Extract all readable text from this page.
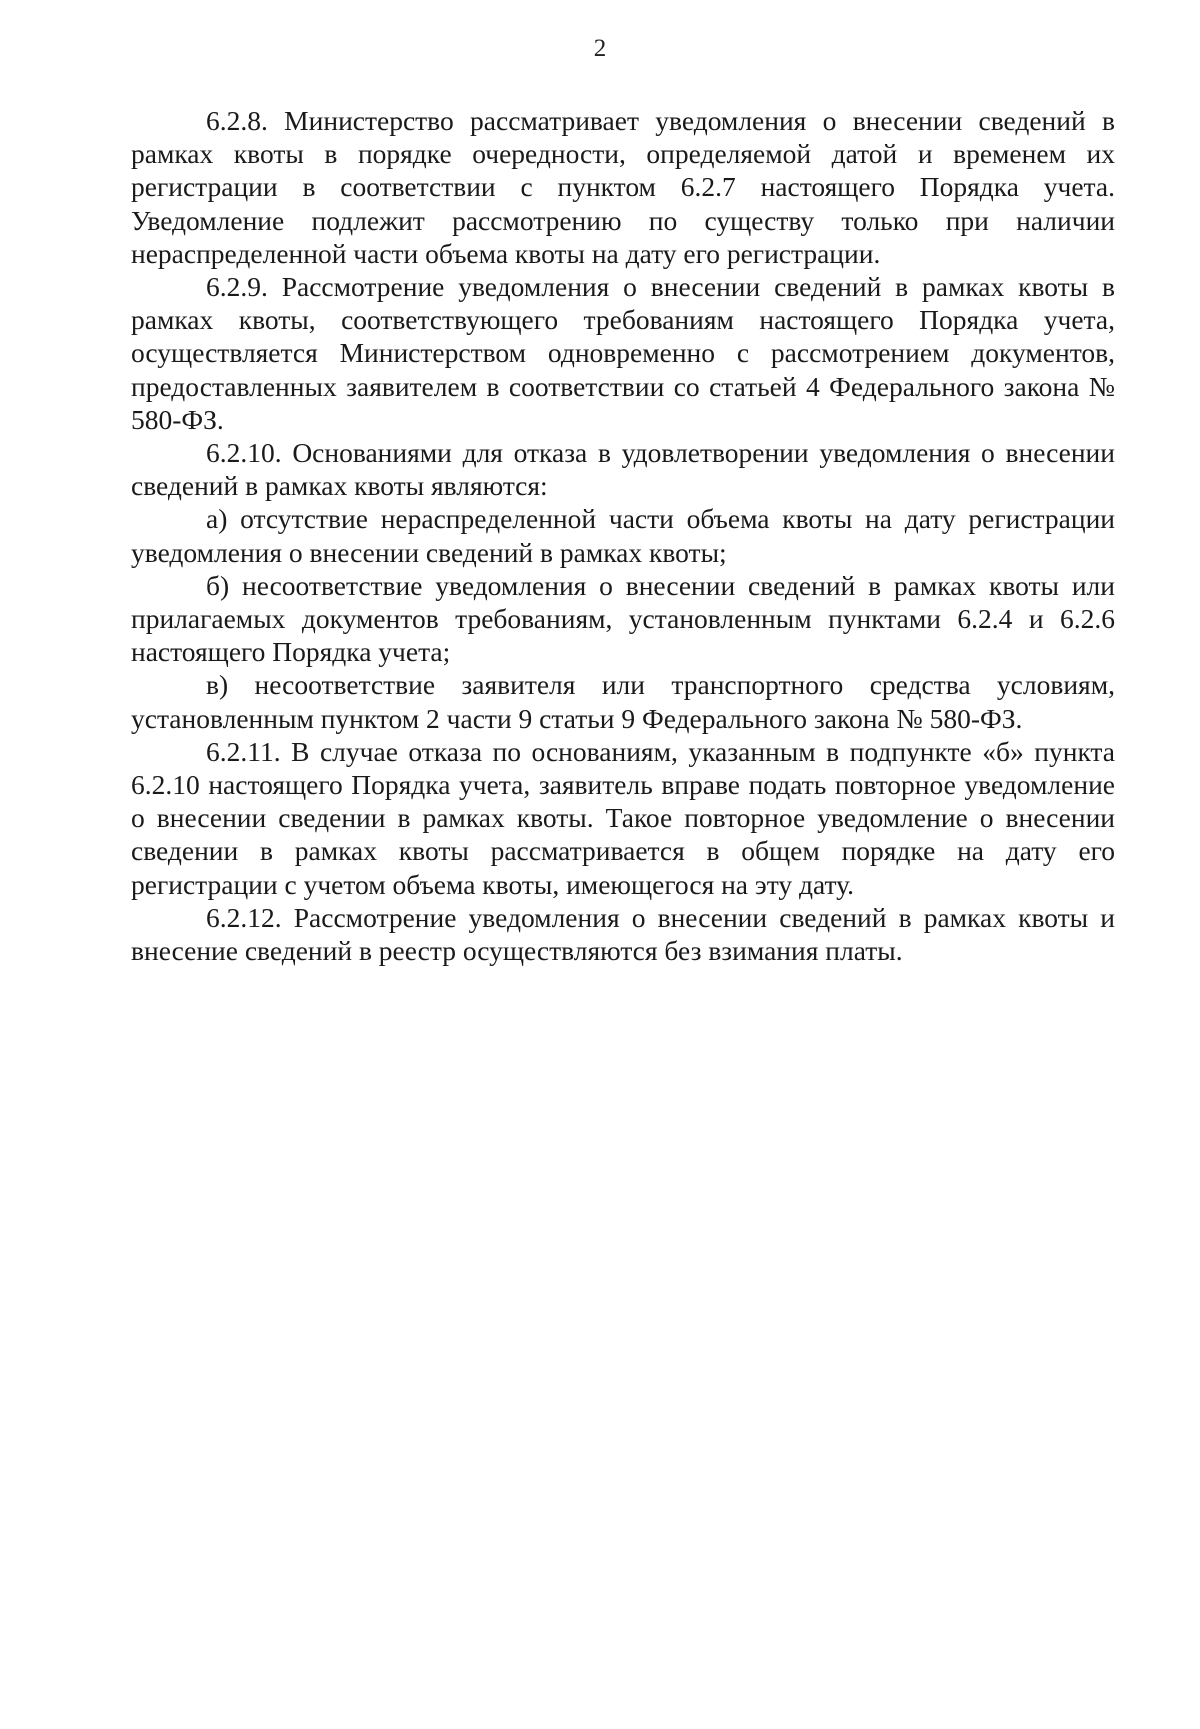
2

6.2.8. Министерство рассматривает уведомления о внесении сведений в рамках квоты в порядке очередности, определяемой датой и временем их регистрации в соответствии с пунктом 6.2.7 настоящего Порядка учета. Уведомление подлежит рассмотрению по существу только при наличии нераспределенной части объема квоты на дату его регистрации.

6.2.9. Рассмотрение уведомления о внесении сведений в рамках квоты в рамках квоты, соответствующего требованиям настоящего Порядка учета, осуществляется Министерством одновременно с рассмотрением документов, предоставленных заявителем в соответствии со статьей 4 Федерального закона № 580-ФЗ.

6.2.10. Основаниями для отказа в удовлетворении уведомления о внесении сведений в рамках квоты являются:

а) отсутствие нераспределенной части объема квоты на дату регистрации уведомления о внесении сведений в рамках квоты;

б) несоответствие уведомления о внесении сведений в рамках квоты или прилагаемых документов требованиям, установленным пунктами 6.2.4 и 6.2.6 настоящего Порядка учета;

в) несоответствие заявителя или транспортного средства условиям, установленным пунктом 2 части 9 статьи 9 Федерального закона № 580-ФЗ.

6.2.11. В случае отказа по основаниям, указанным в подпункте «б» пункта 6.2.10 настоящего Порядка учета, заявитель вправе подать повторное уведомление о внесении сведении в рамках квоты. Такое повторное уведомление о внесении сведении в рамках квоты рассматривается в общем порядке на дату его регистрации с учетом объема квоты, имеющегося на эту дату.

6.2.12. Рассмотрение уведомления о внесении сведений в рамках квоты и внесение сведений в реестр осуществляются без взимания платы.
